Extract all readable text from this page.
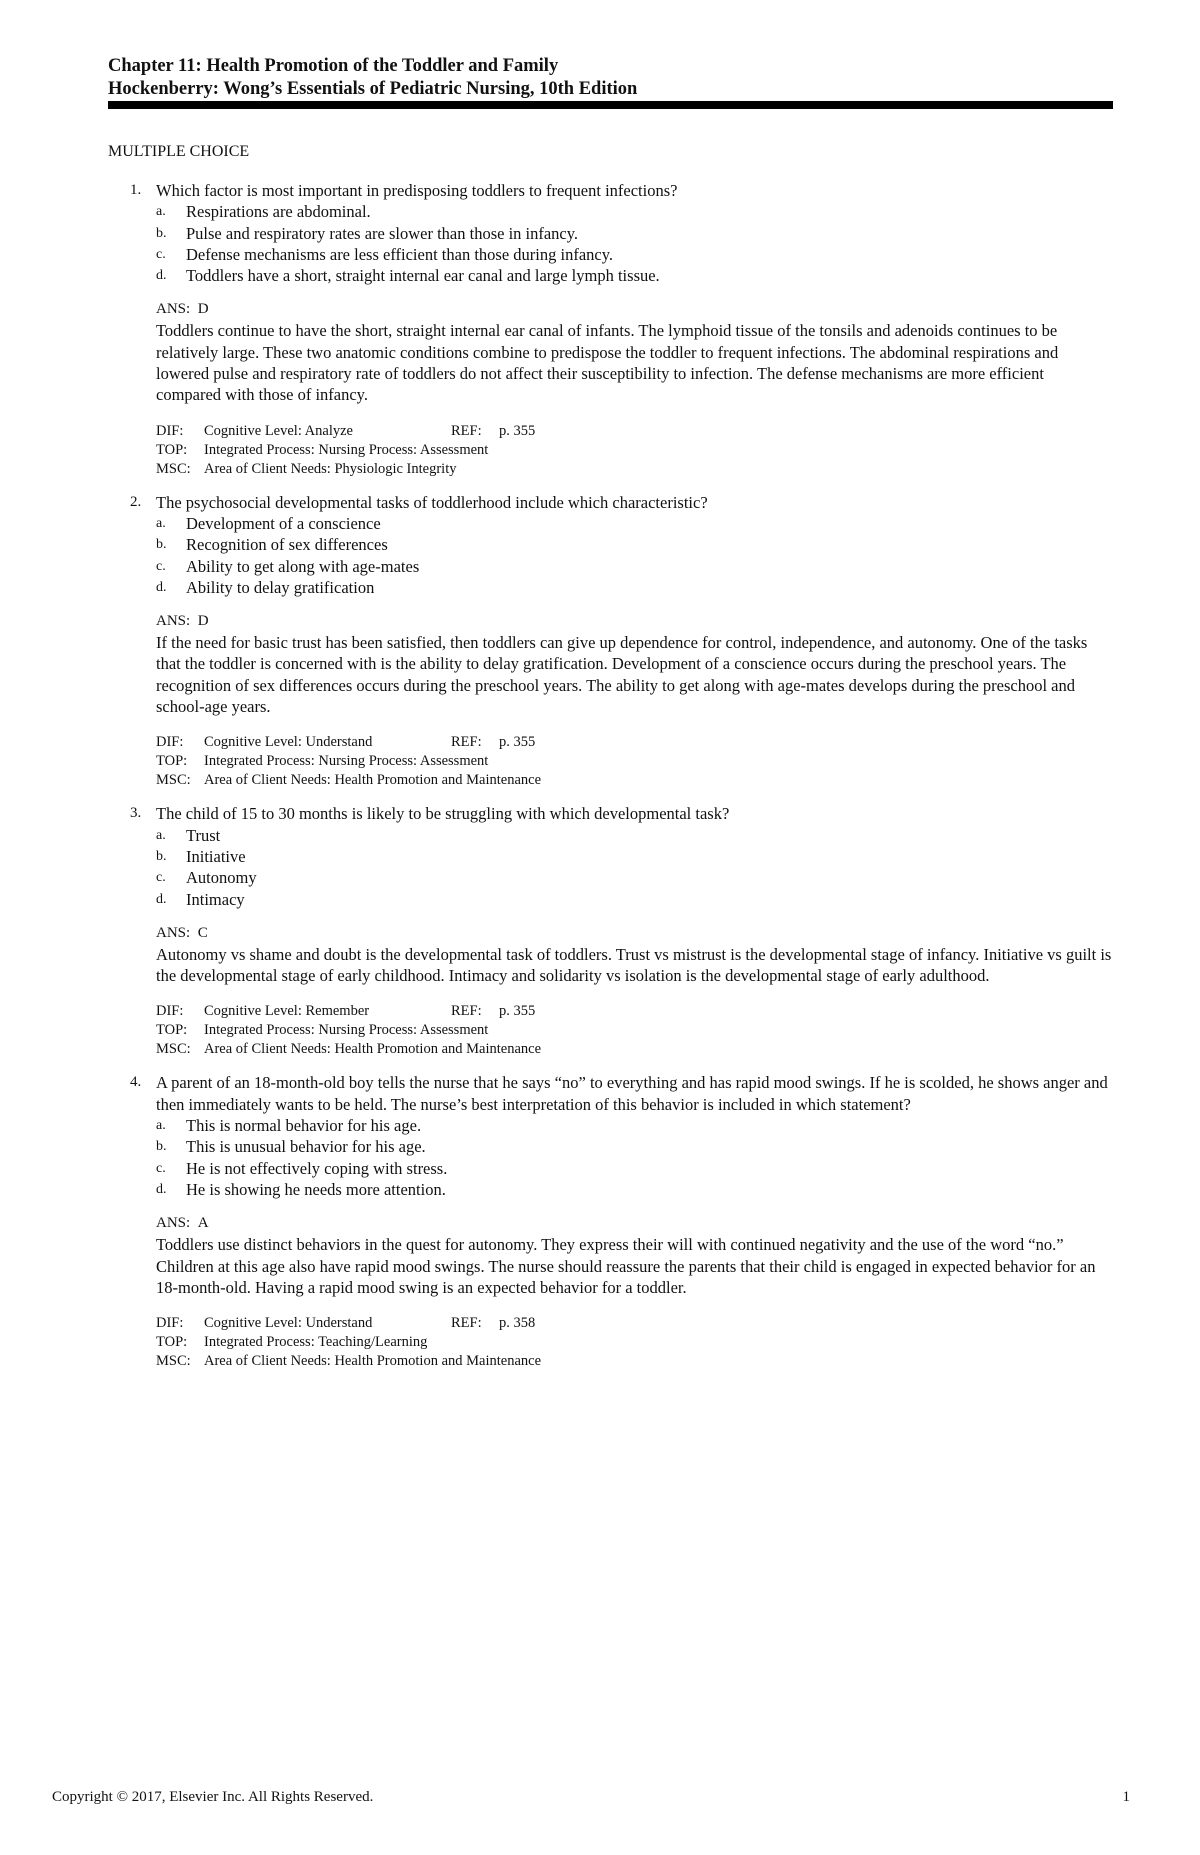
Chapter 11: Health Promotion of the Toddler and Family
Hockenberry: Wong’s Essentials of Pediatric Nursing, 10th Edition
MULTIPLE CHOICE
1. Which factor is most important in predisposing toddlers to frequent infections?
a. Respirations are abdominal.
b. Pulse and respiratory rates are slower than those in infancy.
c. Defense mechanisms are less efficient than those during infancy.
d. Toddlers have a short, straight internal ear canal and large lymph tissue.
ANS: D
Toddlers continue to have the short, straight internal ear canal of infants. The lymphoid tissue of the tonsils and adenoids continues to be relatively large. These two anatomic conditions combine to predispose the toddler to frequent infections. The abdominal respirations and lowered pulse and respiratory rate of toddlers do not affect their susceptibility to infection. The defense mechanisms are more efficient compared with those of infancy.
DIF: Cognitive Level: Analyze	REF: p. 355
TOP: Integrated Process: Nursing Process: Assessment
MSC: Area of Client Needs: Physiologic Integrity
2. The psychosocial developmental tasks of toddlerhood include which characteristic?
a. Development of a conscience
b. Recognition of sex differences
c. Ability to get along with age-mates
d. Ability to delay gratification
ANS: D
If the need for basic trust has been satisfied, then toddlers can give up dependence for control, independence, and autonomy. One of the tasks that the toddler is concerned with is the ability to delay gratification. Development of a conscience occurs during the preschool years. The recognition of sex differences occurs during the preschool years. The ability to get along with age-mates develops during the preschool and school-age years.
DIF: Cognitive Level: Understand	REF: p. 355
TOP: Integrated Process: Nursing Process: Assessment
MSC: Area of Client Needs: Health Promotion and Maintenance
3. The child of 15 to 30 months is likely to be struggling with which developmental task?
a. Trust
b. Initiative
c. Autonomy
d. Intimacy
ANS: C
Autonomy vs shame and doubt is the developmental task of toddlers. Trust vs mistrust is the developmental stage of infancy. Initiative vs guilt is the developmental stage of early childhood. Intimacy and solidarity vs isolation is the developmental stage of early adulthood.
DIF: Cognitive Level: Remember	REF: p. 355
TOP: Integrated Process: Nursing Process: Assessment
MSC: Area of Client Needs: Health Promotion and Maintenance
4. A parent of an 18-month-old boy tells the nurse that he says “no” to everything and has rapid mood swings. If he is scolded, he shows anger and then immediately wants to be held. The nurse’s best interpretation of this behavior is included in which statement?
a. This is normal behavior for his age.
b. This is unusual behavior for his age.
c. He is not effectively coping with stress.
d. He is showing he needs more attention.
ANS: A
Toddlers use distinct behaviors in the quest for autonomy. They express their will with continued negativity and the use of the word “no.” Children at this age also have rapid mood swings. The nurse should reassure the parents that their child is engaged in expected behavior for an 18-month-old. Having a rapid mood swing is an expected behavior for a toddler.
DIF: Cognitive Level: Understand	REF: p. 358
TOP: Integrated Process: Teaching/Learning
MSC: Area of Client Needs: Health Promotion and Maintenance
Copyright © 2017, Elsevier Inc. All Rights Reserved.	1
